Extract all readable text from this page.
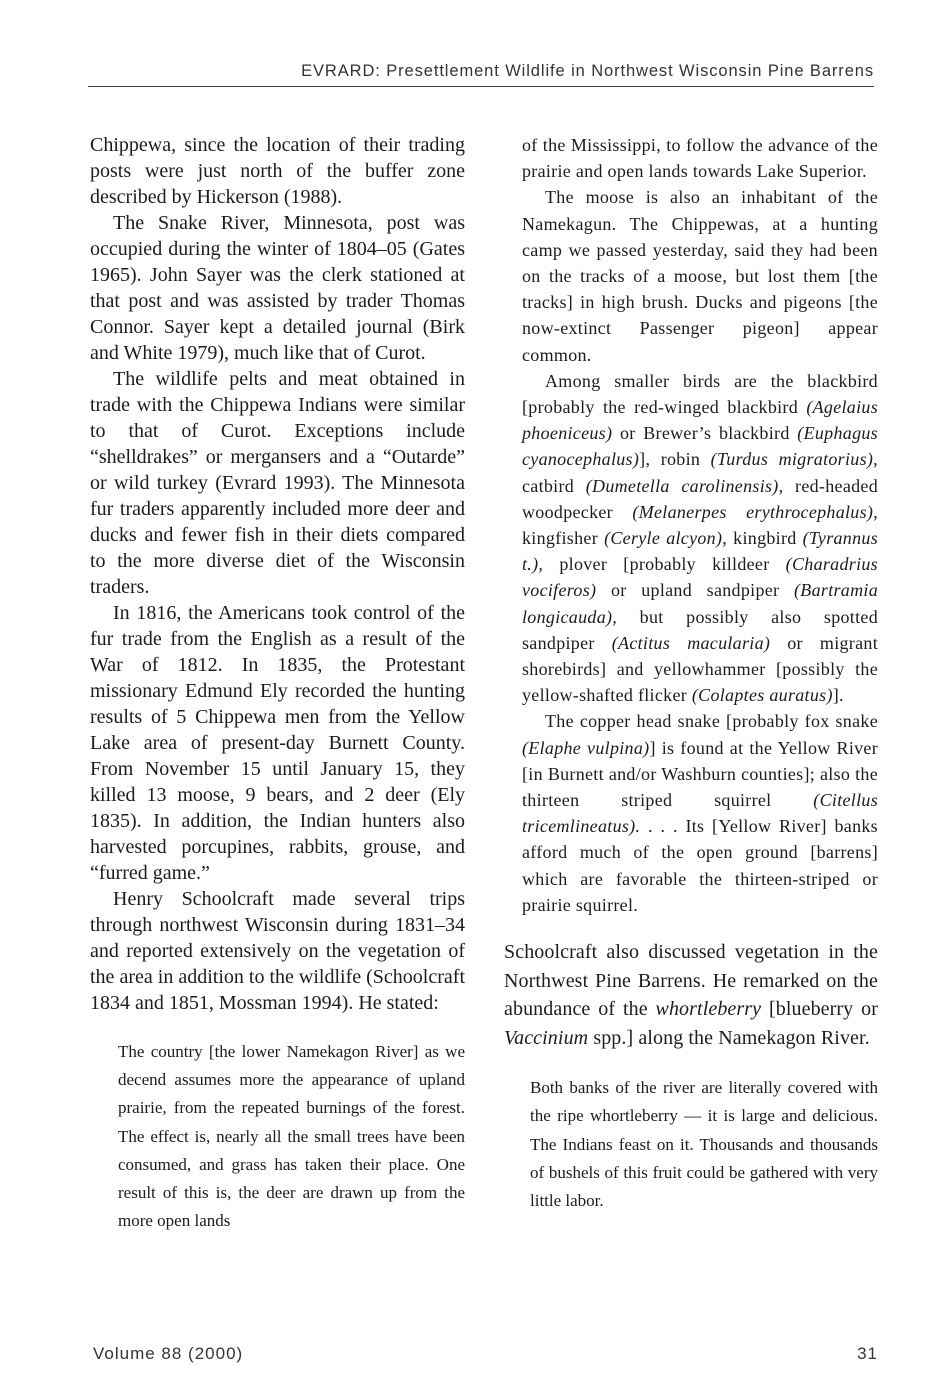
EVRARD: Presettlement Wildlife in Northwest Wisconsin Pine Barrens

Chippewa, since the location of their trading posts were just north of the buffer zone described by Hickerson (1988).

The Snake River, Minnesota, post was occupied during the winter of 1804–05 (Gates 1965). John Sayer was the clerk stationed at that post and was assisted by trader Thomas Connor. Sayer kept a detailed journal (Birk and White 1979), much like that of Curot.

The wildlife pelts and meat obtained in trade with the Chippewa Indians were similar to that of Curot. Exceptions include “shelldrakes” or mergansers and a “Outarde” or wild turkey (Evrard 1993). The Minnesota fur traders apparently included more deer and ducks and fewer fish in their diets compared to the more diverse diet of the Wisconsin traders.

In 1816, the Americans took control of the fur trade from the English as a result of the War of 1812. In 1835, the Protestant missionary Edmund Ely recorded the hunting results of 5 Chippewa men from the Yellow Lake area of present-day Burnett County. From November 15 until January 15, they killed 13 moose, 9 bears, and 2 deer (Ely 1835). In addition, the Indian hunters also harvested porcupines, rabbits, grouse, and “furred game.”

Henry Schoolcraft made several trips through northwest Wisconsin during 1831–34 and reported extensively on the vegetation of the area in addition to the wildlife (Schoolcraft 1834 and 1851, Mossman 1994). He stated:

The country [the lower Namekagon River] as we decend assumes more the appearance of upland prairie, from the repeated burnings of the forest. The effect is, nearly all the small trees have been consumed, and grass has taken their place. One result of this is, the deer are drawn up from the more open lands

of the Mississippi, to follow the advance of the prairie and open lands towards Lake Superior.

The moose is also an inhabitant of the Namekagun. The Chippewas, at a hunting camp we passed yesterday, said they had been on the tracks of a moose, but lost them [the tracks] in high brush. Ducks and pigeons [the now-extinct Passenger pigeon] appear common.

Among smaller birds are the blackbird [probably the red-winged blackbird (Agelaius phoeniceus) or Brewer’s blackbird (Euphagus cyanocephalus)], robin (Turdus migratorius), catbird (Dumetella carolinensis), red-headed woodpecker (Melanerpes erythrocephalus), kingfisher (Ceryle alcyon), kingbird (Tyrannus t.), plover [probably killdeer (Charadrius vociferos) or upland sandpiper (Bartramia longicauda), but possibly also spotted sandpiper (Actitus macularia) or migrant shorebirds] and yellowhammer [possibly the yellow-shafted flicker (Colaptes auratus)].

The copper head snake [probably fox snake (Elaphe vulpina)] is found at the Yellow River [in Burnett and/or Washburn counties]; also the thirteen striped squirrel (Citellus tricemlineatus). . . . Its [Yellow River] banks afford much of the open ground [barrens] which are favorable the thirteen-striped or prairie squirrel.

Schoolcraft also discussed vegetation in the Northwest Pine Barrens. He remarked on the abundance of the whortleberry [blueberry or Vaccinium spp.] along the Namekagon River.

Both banks of the river are literally covered with the ripe whortleberry — it is large and delicious. The Indians feast on it. Thousands and thousands of bushels of this fruit could be gathered with very little labor.

Volume 88 (2000)	31
